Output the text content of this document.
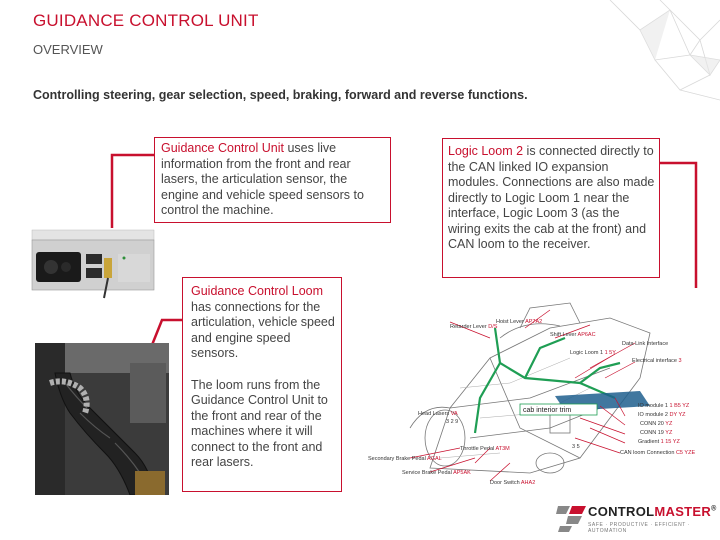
GUIDANCE CONTROL UNIT
OVERVIEW
Controlling steering, gear selection, speed, braking, forward and reverse functions.
Guidance Control Unit uses live information from the front and rear lasers, the articulation sensor, the engine and vehicle speed sensors to control the machine.
Logic Loom 2 is connected directly to the CAN linked IO expansion modules. Connections are also made directly to Logic Loom 1 near the interface, Logic Loom 3 (as the wiring exits the cab at the front) and CAN loom to the receiver.

Guidance Control Loom has connections for the articulation, vehicle speed and engine speed sensors.

The loom runs from the Guidance Control Unit to the front and rear of the machines where it will connect to the front and rear lasers.

Hoist Lever AP7A2
Retarder Lever D/S
Shift Lever AP6AC
Data Link Interface
Logic Loom 1 1 5Y
Electrical interface 3
IO module 1 1 B5 YZ
IO module 2 DY YZ
CONN 20 YZ
CONN 19 YZ
Gradient 1 15 YZ
CAN loom Connection C5 YZE
Head Lasers VA
Throttle Pedal AT3M
Secondary Brake Pedal AGAL
Service Brake Pedal AP5AK
Door Switch AHA2
3 2 9
3 5
cab interior trim
CONTROLMASTER®
SAFE · PRODUCTIVE · EFFICIENT · AUTOMATION
